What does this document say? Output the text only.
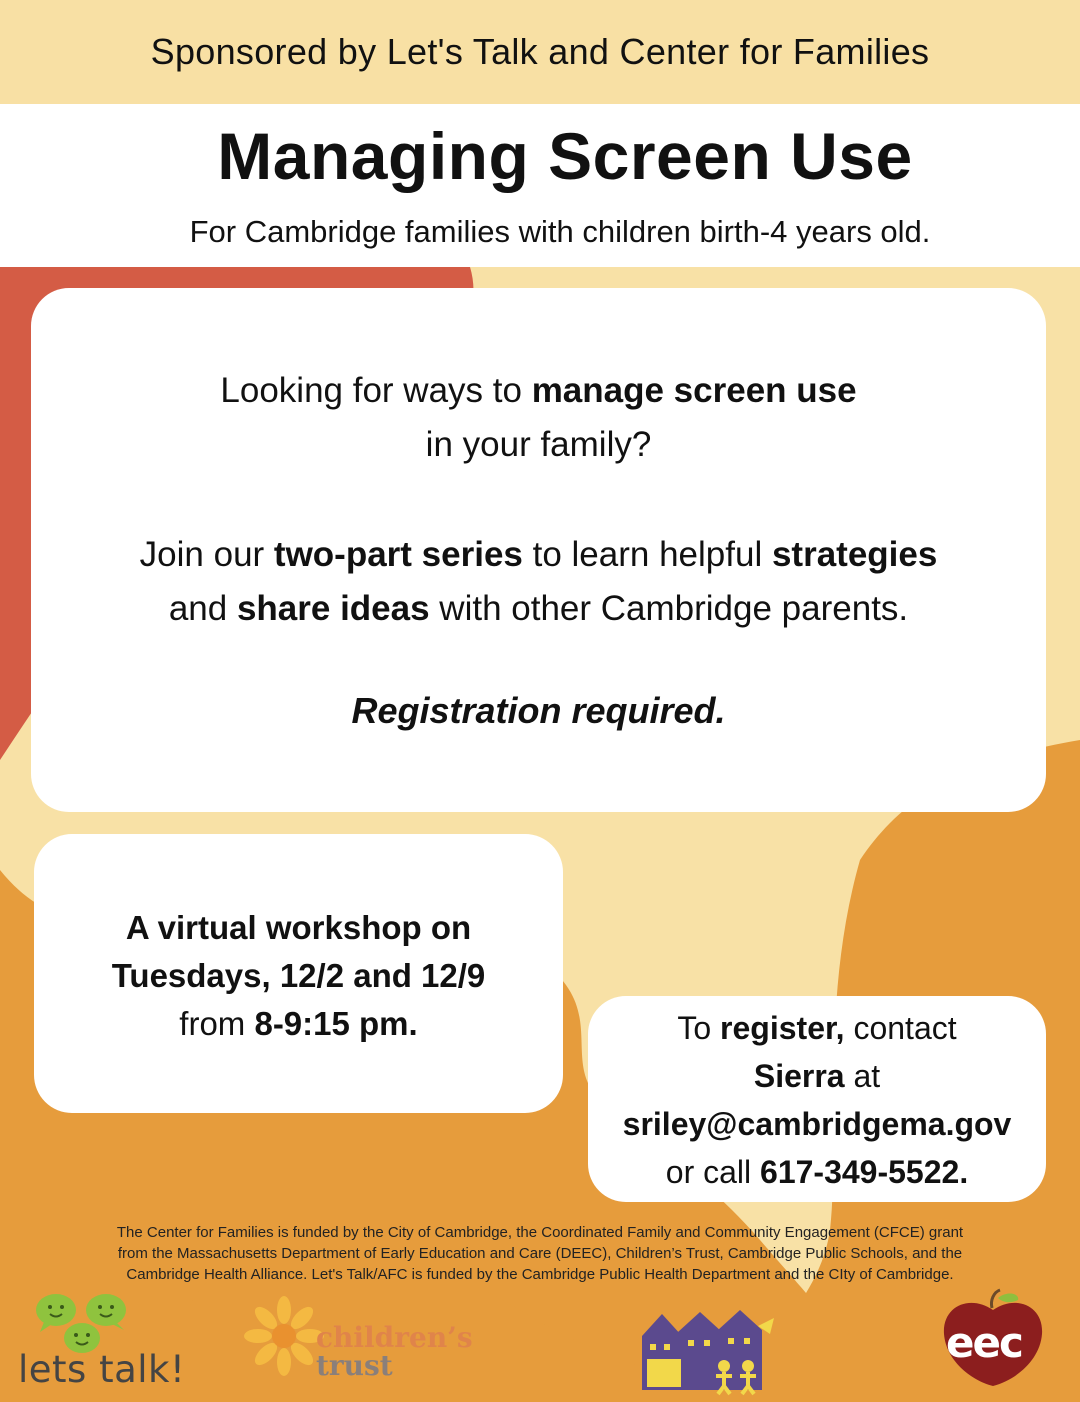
Sponsored by Let's Talk and Center for Families
Managing Screen Use
For Cambridge families with children birth-4 years old.

Looking for ways to manage screen use
in your family?

Join our two-part series to learn helpful strategies
and share ideas with other Cambridge parents.

Registration required.

A virtual workshop on
Tuesdays, 12/2 and 12/9
from 8-9:15 pm.	To register, contact
Sierra at
sriley@cambridgema.gov
or call 617-349-5522.
The Center for Families is funded by the City of Cambridge, the Coordinated Family and Community Engagement (CFCE) grant from the Massachusetts Department of Early Education and Care (DEEC), Children’s Trust, Cambridge Public Schools, and the Cambridge Health Alliance. Let's Talk/AFC is funded by the Cambridge Public Health Department and the CIty of Cambridge.
lets talk!
children’s
trust	eec
